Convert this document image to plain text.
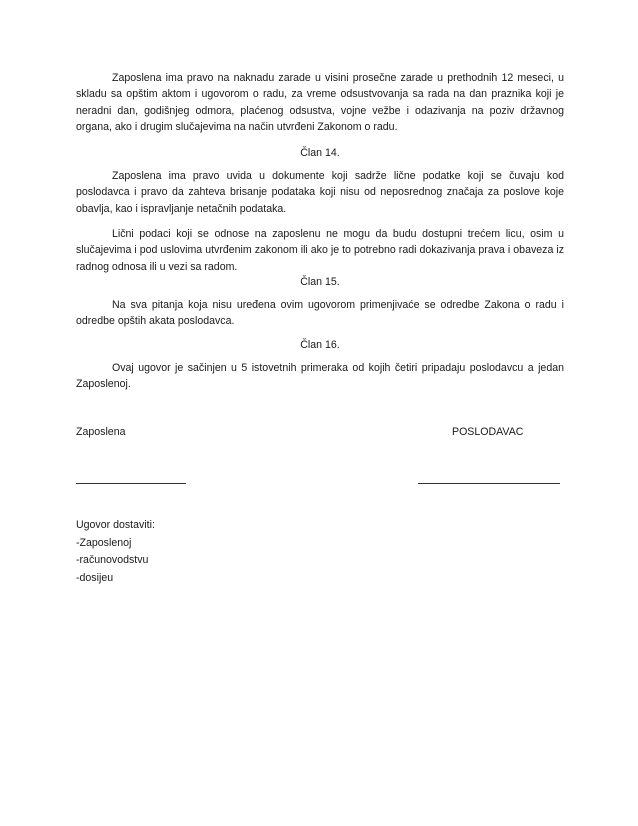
Zaposlena ima pravo na naknadu zarade u visini prosečne zarade u prethodnih 12 meseci, u skladu sa opštim aktom i ugovorom o radu, za vreme odsustvovanja sa rada na dan praznika koji je neradni dan, godišnjeg odmora, plaćenog odsustva, vojne vežbe i odazivanja na poziv državnog organa, ako i drugim slučajevima na način utvrđeni Zakonom o radu.

Član 14.

Zaposlena ima pravo uvida u dokumente koji sadrže lične podatke koji se čuvaju kod poslodavca i pravo da zahteva brisanje podataka koji nisu od neposrednog značaja za poslove koje obavlja, kao i ispravljanje netačnih podataka.

Lični podaci koji se odnose na zaposlenu ne mogu da budu dostupni trećem licu, osim u slučajevima i pod uslovima utvrđenim zakonom ili ako je to potrebno radi dokazivanja prava i obaveza iz radnog odnosa ili u vezi sa radom.

Član 15.

Na sva pitanja koja nisu uređena ovim ugovorom primenjivaće se odredbe Zakona o radu i odredbe opštih akata poslodavca.

Član 16.

Ovaj ugovor je sačinjen u 5 istovetnih primeraka od kojih četiri pripadaju poslodavcu a jedan Zaposlenoj.

Zaposlena	POSLODAVAC
Ugovor dostaviti:
-Zaposlenoj
-računovodstvu
-dosijeu
